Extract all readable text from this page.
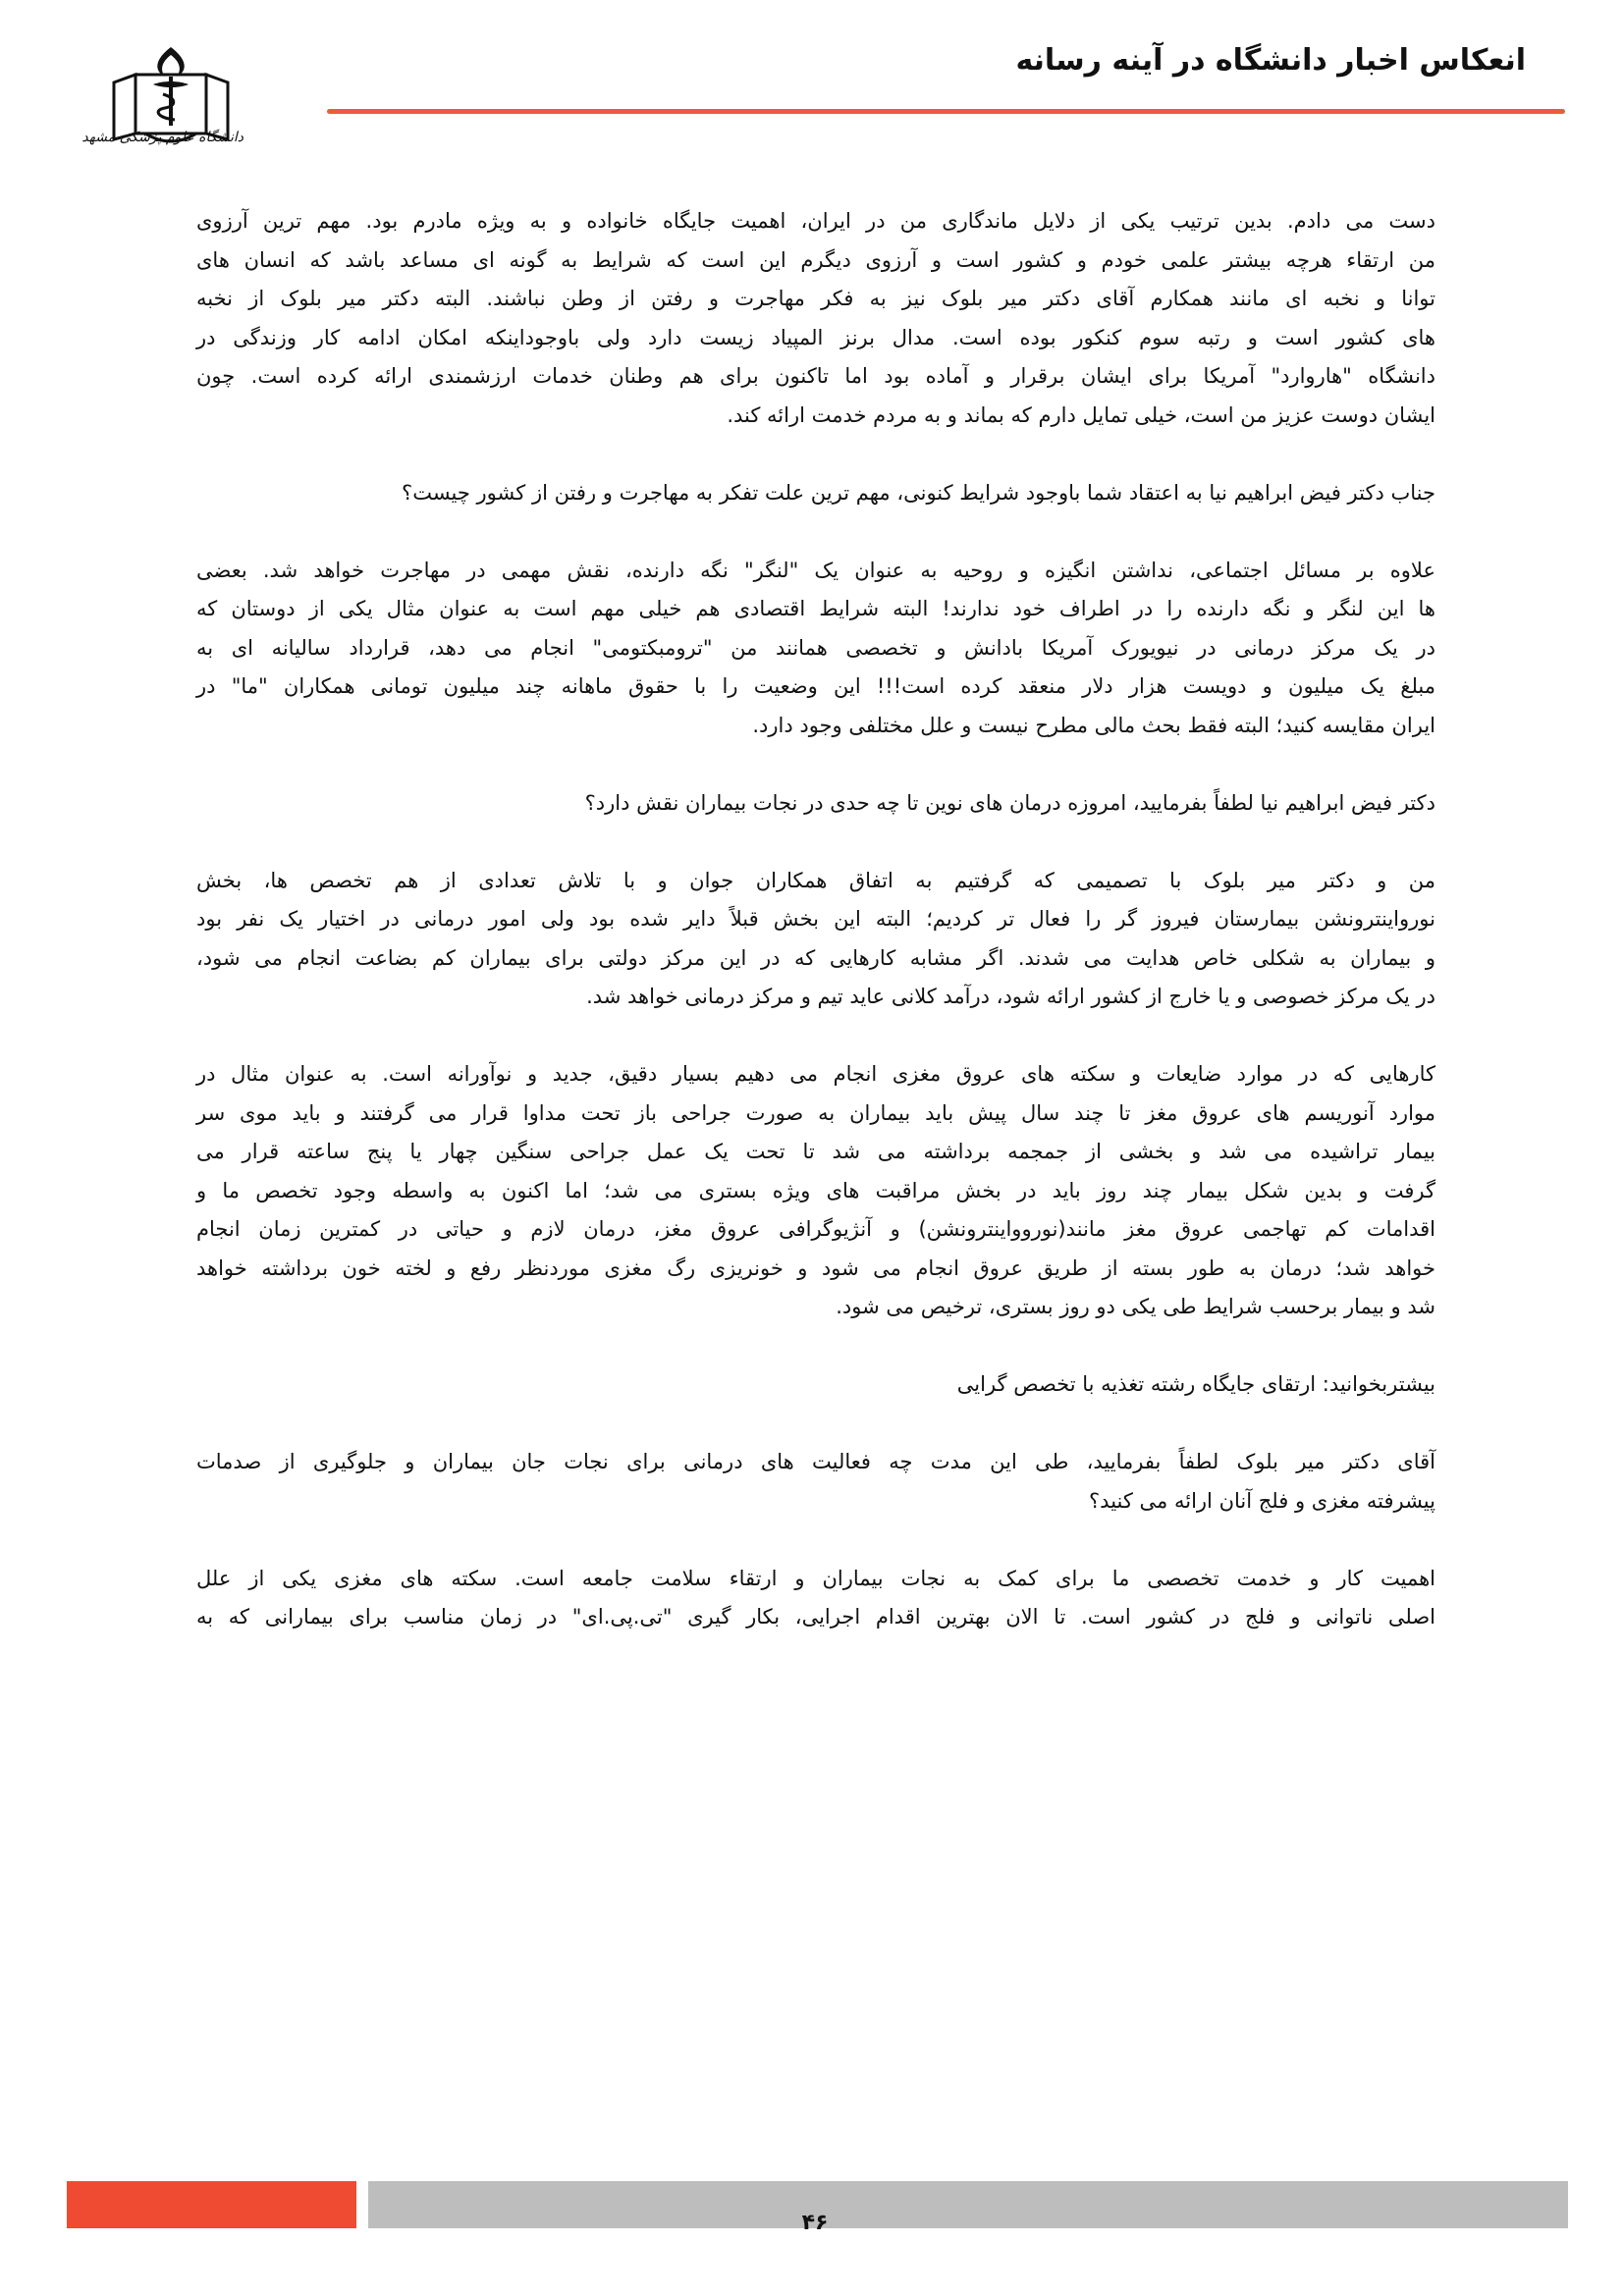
انعکاس اخبار دانشگاه در آینه رسانه
دانشگاه علوم پزشکی مشهد
دست می دادم. بدین ترتیب یکی از دلایل ماندگاری من در ایران، اهمیت جایگاه خانواده و به ویژه مادرم بود. مهم ترین آرزوی
من ارتقاء هرچه بیشتر علمی خودم و کشور است و آرزوی دیگرم این است که شرایط به گونه ای مساعد باشد که انسان های
توانا و نخبه ای مانند همکارم آقای دکتر میر بلوک نیز به فکر مهاجرت و رفتن از وطن نباشند. البته دکتر میر بلوک از نخبه
های کشور است و رتبه سوم کنکور بوده است. مدال برنز المپیاد زیست دارد ولی باوجوداینکه امکان ادامه کار وزندگی در
دانشگاه "هاروارد" آمریکا برای ایشان برقرار و آماده بود اما تاکنون برای هم وطنان خدمات ارزشمندی ارائه کرده است. چون
ایشان دوست عزیز من است، خیلی تمایل دارم که بماند و به مردم خدمت ارائه کند.
جناب دکتر فیض ابراهیم نیا به اعتقاد شما باوجود شرایط کنونی، مهم ترین علت تفکر به مهاجرت و رفتن از کشور چیست؟
علاوه بر مسائل اجتماعی، نداشتن انگیزه و روحیه به عنوان یک "لنگر" نگه دارنده، نقش مهمی در مهاجرت خواهد شد. بعضی
ها این لنگر و نگه دارنده را در اطراف خود ندارند! البته شرایط اقتصادی هم خیلی مهم است به عنوان مثال یکی از دوستان که
در یک مرکز درمانی در نیویورک آمریکا بادانش و تخصصی همانند من "ترومبکتومی" انجام می دهد، قرارداد سالیانه ای به
مبلغ یک میلیون و دویست هزار دلار منعقد کرده است!!! این وضعیت را با حقوق ماهانه چند میلیون تومانی همکاران "ما" در
ایران مقایسه کنید؛ البته فقط بحث مالی مطرح نیست و علل مختلفی وجود دارد.
دکتر فیض ابراهیم نیا لطفاً بفرمایید، امروزه درمان های نوین تا چه حدی در نجات بیماران نقش دارد؟
من و دکتر میر بلوک با تصمیمی که گرفتیم به اتفاق همکاران جوان و با تلاش تعدادی از هم تخصص ها، بخش
نورواینترونشن بیمارستان فیروز گر را فعال تر کردیم؛ البته این بخش قبلاً دایر شده بود ولی امور درمانی در اختیار یک نفر بود
و بیماران به شکلی خاص هدایت می شدند. اگر مشابه کارهایی که در این مرکز دولتی برای بیماران کم بضاعت انجام می شود،
در یک مرکز خصوصی و یا خارج از کشور ارائه شود، درآمد کلانی عاید تیم و مرکز درمانی خواهد شد.
کارهایی که در موارد ضایعات و سکته های عروق مغزی انجام می دهیم بسیار دقیق، جدید و نوآورانه است. به عنوان مثال در
موارد آنوریسم های عروق مغز تا چند سال پیش باید بیماران به صورت جراحی باز تحت مداوا قرار می گرفتند و باید موی سر
بیمار تراشیده می شد و بخشی از جمجمه برداشته می شد تا تحت یک عمل جراحی سنگین چهار یا پنج ساعته قرار می
گرفت و بدین شکل بیمار چند روز باید در بخش مراقبت های ویژه بستری می شد؛ اما اکنون به واسطه وجود تخصص ما و
اقدامات کم تهاجمی عروق مغز مانند(نوروواینترونشن) و آنژیوگرافی عروق مغز، درمان لازم و حیاتی در کمترین زمان انجام
خواهد شد؛ درمان به طور بسته از طریق عروق انجام می شود و خونریزی رگ مغزی موردنظر رفع و لخته خون برداشته خواهد
شد و بیمار برحسب شرایط طی یکی دو روز بستری، ترخیص می شود.
بیشتربخوانید: ارتقای جایگاه رشته تغذیه با تخصص گرایی
آقای دکتر میر بلوک لطفاً بفرمایید، طی این مدت چه فعالیت های درمانی برای نجات جان بیماران و جلوگیری از صدمات
پیشرفته مغزی و فلج آنان ارائه می کنید؟
اهمیت کار و خدمت تخصصی ما برای کمک به نجات بیماران و ارتقاء سلامت جامعه است. سکته های مغزی یکی از علل
اصلی ناتوانی و فلج در کشور است. تا الان بهترین اقدام اجرایی، بکار گیری "تی.پی.ای" در زمان مناسب برای بیمارانی که به
۴۶
